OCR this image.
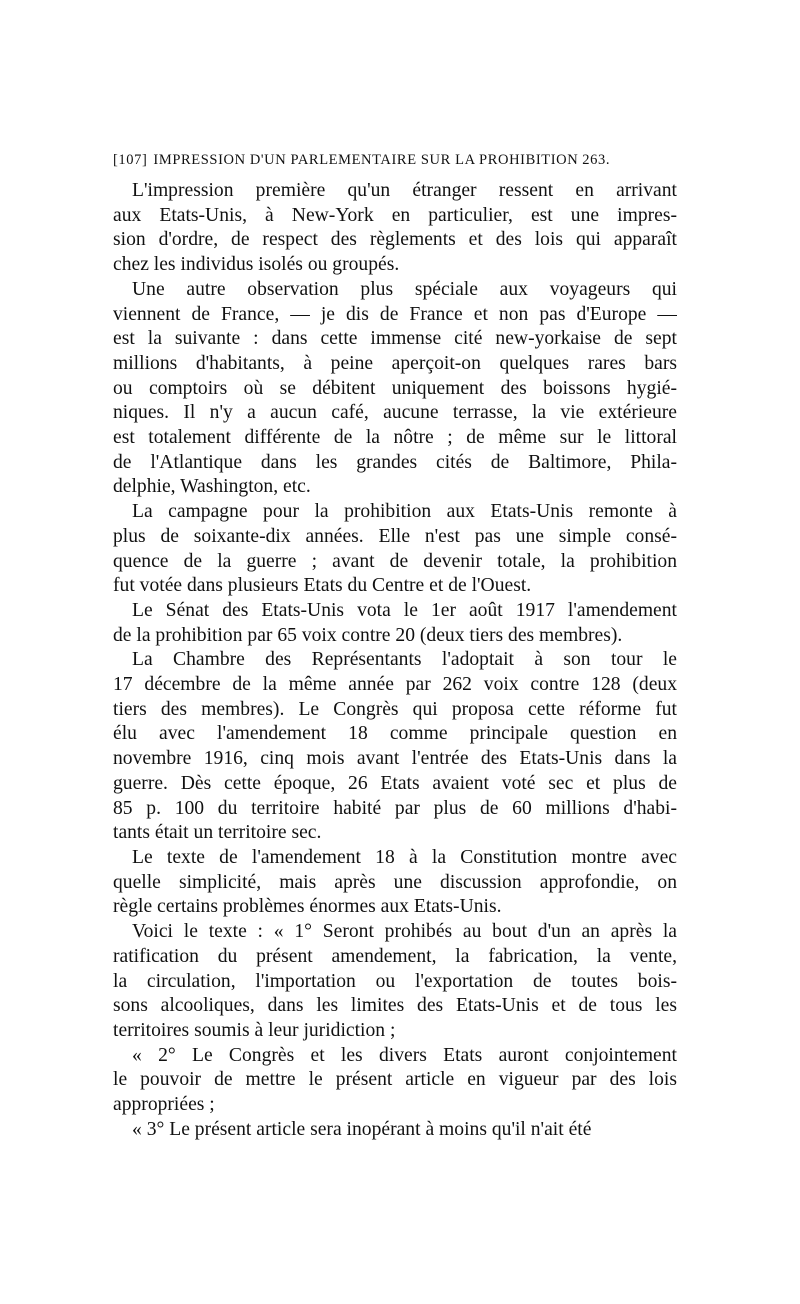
[107] IMPRESSION D'UN PARLEMENTAIRE SUR LA PROHIBITION 263.
L'impression première qu'un étranger ressent en arrivant
aux Etats-Unis, à New-York en particulier, est une impres-
sion d'ordre, de respect des règlements et des lois qui apparaît
chez les individus isolés ou groupés.
Une autre observation plus spéciale aux voyageurs qui
viennent de France, — je dis de France et non pas d'Europe —
est la suivante : dans cette immense cité new-yorkaise de sept
millions d'habitants, à peine aperçoit-on quelques rares bars
ou comptoirs où se débitent uniquement des boissons hygié-
niques. Il n'y a aucun café, aucune terrasse, la vie extérieure
est totalement différente de la nôtre ; de même sur le littoral
de l'Atlantique dans les grandes cités de Baltimore, Phila-
delphie, Washington, etc.
La campagne pour la prohibition aux Etats-Unis remonte à
plus de soixante-dix années. Elle n'est pas une simple consé-
quence de la guerre ; avant de devenir totale, la prohibition
fut votée dans plusieurs Etats du Centre et de l'Ouest.
Le Sénat des Etats-Unis vota le 1er août 1917 l'amendement
de la prohibition par 65 voix contre 20 (deux tiers des membres).
La Chambre des Représentants l'adoptait à son tour le
17 décembre de la même année par 262 voix contre 128 (deux
tiers des membres). Le Congrès qui proposa cette réforme fut
élu avec l'amendement 18 comme principale question en
novembre 1916, cinq mois avant l'entrée des Etats-Unis dans la
guerre. Dès cette époque, 26 Etats avaient voté sec et plus de
85 p. 100 du territoire habité par plus de 60 millions d'habi-
tants était un territoire sec.
Le texte de l'amendement 18 à la Constitution montre avec
quelle simplicité, mais après une discussion approfondie, on
règle certains problèmes énormes aux Etats-Unis.
Voici le texte : « 1° Seront prohibés au bout d'un an après la
ratification du présent amendement, la fabrication, la vente,
la circulation, l'importation ou l'exportation de toutes bois-
sons alcooliques, dans les limites des Etats-Unis et de tous les
territoires soumis à leur juridiction ;
« 2° Le Congrès et les divers Etats auront conjointement
le pouvoir de mettre le présent article en vigueur par des lois
appropriées ;
« 3° Le présent article sera inopérant à moins qu'il n'ait été
